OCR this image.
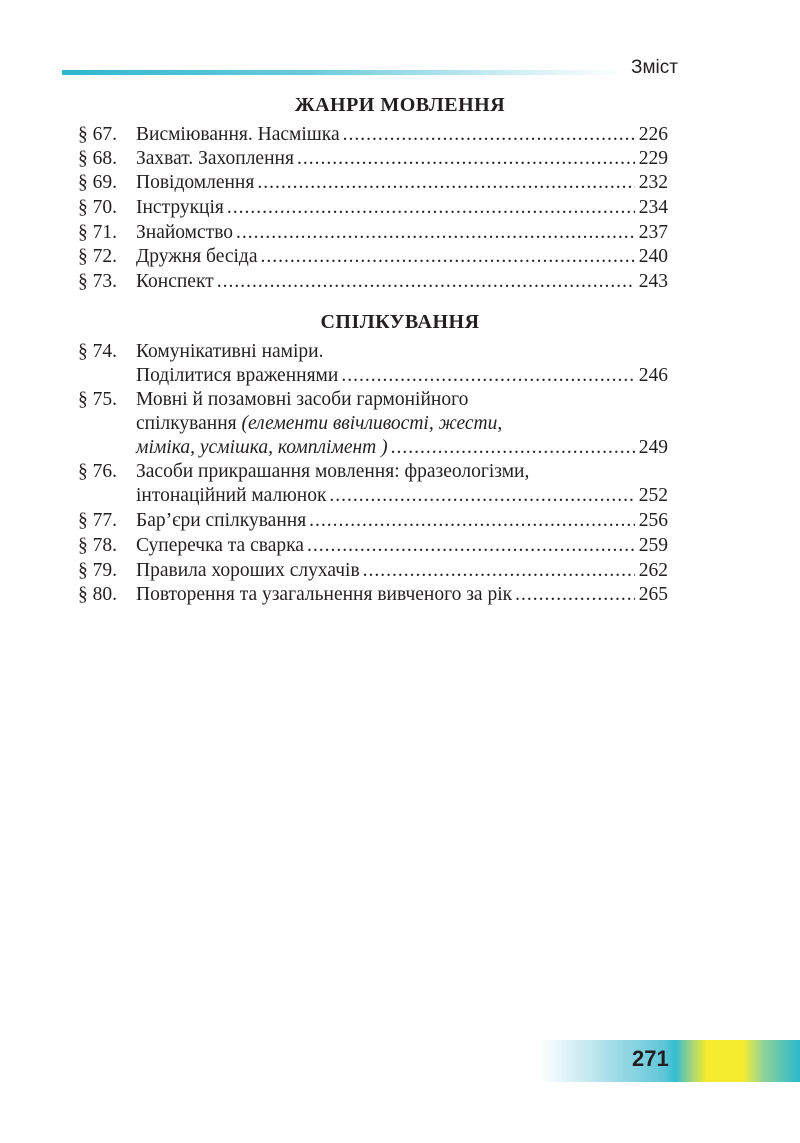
Зміст
ЖАНРИ МОВЛЕННЯ
§ 67. Висміювання. Насмішка .....	226
§ 68. Захват. Захоплення .....	229
§ 69. Повідомлення .....	232
§ 70. Інструкція .....	234
§ 71. Знайомство .....	237
§ 72. Дружня бесіда .....	240
§ 73. Конспект .....	243
СПІЛКУВАННЯ
§ 74. Комунікативні наміри.
Поділитися враженнями .....	246
§ 75. Мовні й позамовні засоби гармонійного
спілкування (елементи ввічливості, жести,
міміка, усмішка, комплімент ) .....	249
§ 76. Засоби прикрашання мовлення: фразеологізми,
інтонаційний малюнок .....	252
§ 77. Бар’єри спілкування .....	256
§ 78. Суперечка та сварка .....	259
§ 79. Правила хороших слухачів .....	262
§ 80. Повторення та узагальнення вивченого за рік .....	265
271
